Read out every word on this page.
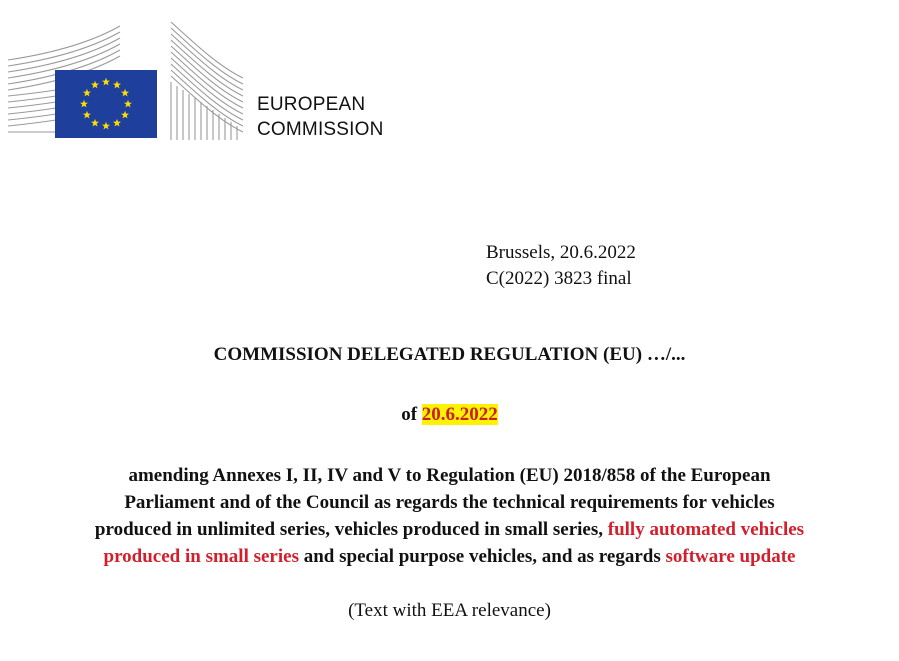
EUROPEAN
COMMISSION
Brussels, 20.6.2022
C(2022) 3823 final
COMMISSION DELEGATED REGULATION (EU) …/...
of 20.6.2022
amending Annexes I, II, IV and V to Regulation (EU) 2018/858 of the European
Parliament and of the Council as regards the technical requirements for vehicles
produced in unlimited series, vehicles produced in small series, fully automated vehicles
produced in small series and special purpose vehicles, and as regards software update
(Text with EEA relevance)
